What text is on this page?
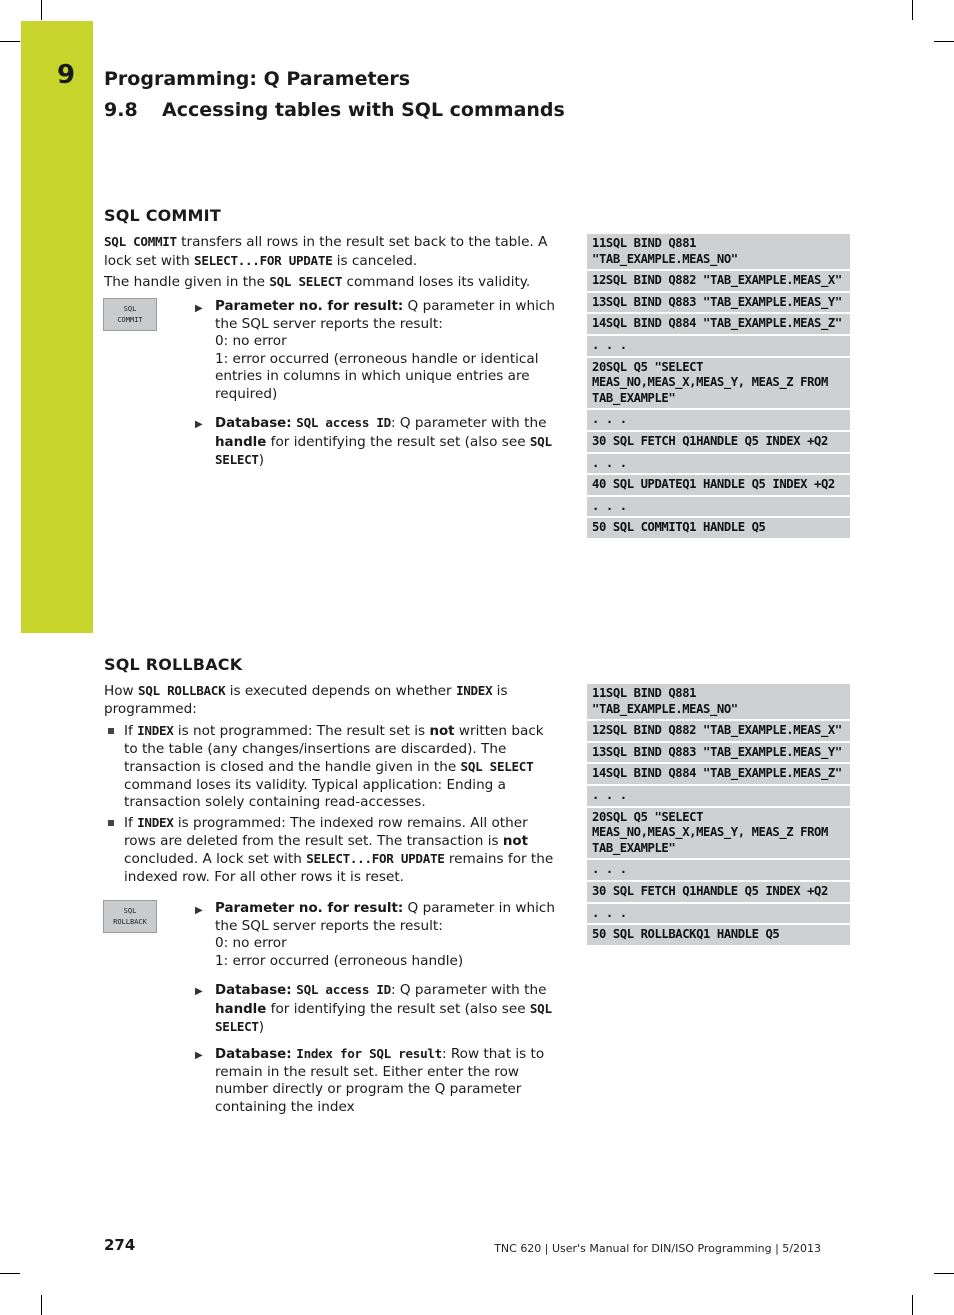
9 Programming: Q Parameters
9.8 Accessing tables with SQL commands
SQL COMMIT
SQL COMMIT transfers all rows in the result set back to the table. A lock set with SELECT...FOR UPDATE is canceled.
The handle given in the SQL SELECT command loses its validity.
SQL
COMMIT
▶ Parameter no. for result: Q parameter in which the SQL server reports the result:
0: no error
1: error occurred (erroneous handle or identical entries in columns in which unique entries are required)
▶ Database: SQL access ID: Q parameter with the handle for identifying the result set (also see SQL SELECT)
11SQL BIND Q881 "TAB_EXAMPLE.MEAS_NO"
12SQL BIND Q882 "TAB_EXAMPLE.MEAS_X"
13SQL BIND Q883 "TAB_EXAMPLE.MEAS_Y"
14SQL BIND Q884 "TAB_EXAMPLE.MEAS_Z"
. . .
20SQL Q5 "SELECT MEAS_NO,MEAS_X,MEAS_Y, MEAS_Z FROM TAB_EXAMPLE"
. . .
30 SQL FETCH Q1HANDLE Q5 INDEX +Q2
. . .
40 SQL UPDATEQ1 HANDLE Q5 INDEX +Q2
. . .
50 SQL COMMITQ1 HANDLE Q5
SQL ROLLBACK
How SQL ROLLBACK is executed depends on whether INDEX is programmed:
If INDEX is not programmed: The result set is not written back to the table (any changes/insertions are discarded). The transaction is closed and the handle given in the SQL SELECT command loses its validity. Typical application: Ending a transaction solely containing read-accesses.
If INDEX is programmed: The indexed row remains. All other rows are deleted from the result set. The transaction is not concluded. A lock set with SELECT...FOR UPDATE remains for the indexed row. For all other rows it is reset.
SQL
ROLLBACK
▶ Parameter no. for result: Q parameter in which the SQL server reports the result:
0: no error
1: error occurred (erroneous handle)
▶ Database: SQL access ID: Q parameter with the handle for identifying the result set (also see SQL SELECT)
▶ Database: Index for SQL result: Row that is to remain in the result set. Either enter the row number directly or program the Q parameter containing the index
11SQL BIND Q881 "TAB_EXAMPLE.MEAS_NO"
12SQL BIND Q882 "TAB_EXAMPLE.MEAS_X"
13SQL BIND Q883 "TAB_EXAMPLE.MEAS_Y"
14SQL BIND Q884 "TAB_EXAMPLE.MEAS_Z"
. . .
20SQL Q5 "SELECT MEAS_NO,MEAS_X,MEAS_Y, MEAS_Z FROM TAB_EXAMPLE"
. . .
30 SQL FETCH Q1HANDLE Q5 INDEX +Q2
. . .
50 SQL ROLLBACKQ1 HANDLE Q5
274	TNC 620 | User's Manual for DIN/ISO Programming | 5/2013
